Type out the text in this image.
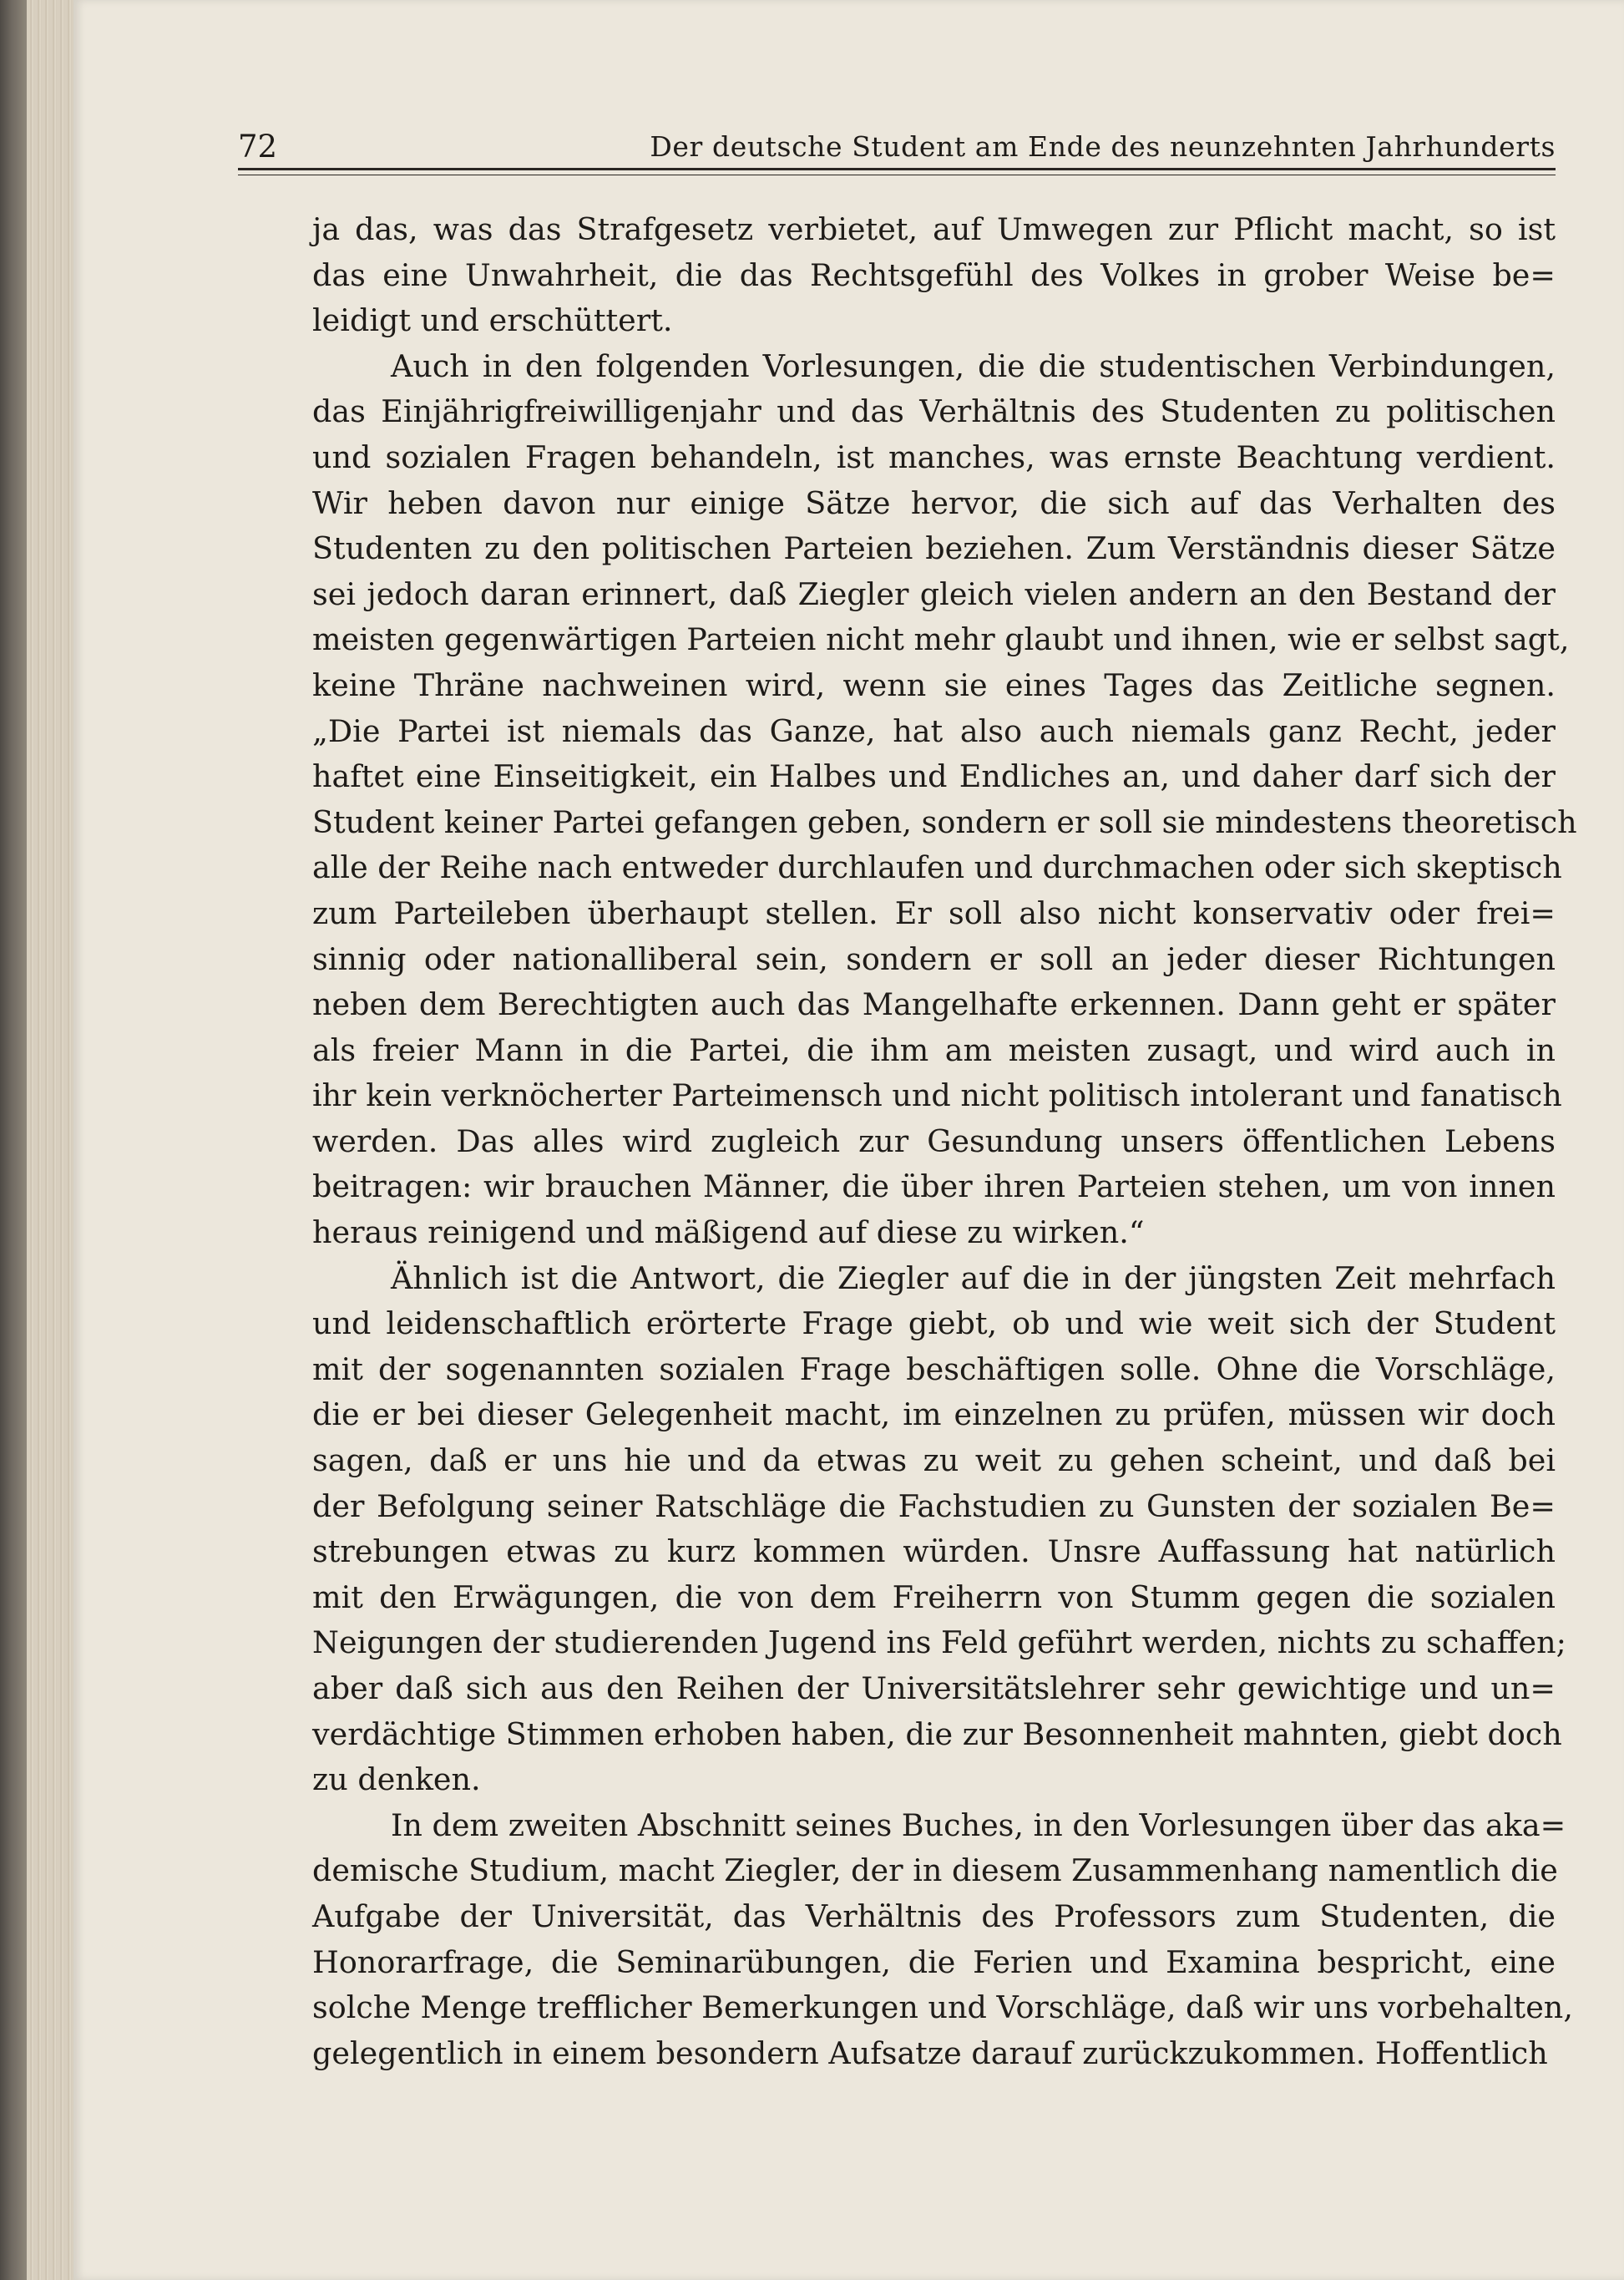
72	Der deutsche Student am Ende des neunzehnten Jahrhunderts
ja das, was das Strafgesetz verbietet, auf Umwegen zur Pflicht macht, so ist
das eine Unwahrheit, die das Rechtsgefühl des Volkes in grober Weise be=
leidigt und erschüttert.
Auch in den folgenden Vorlesungen, die die studentischen Verbindungen,
das Einjährigfreiwilligenjahr und das Verhältnis des Studenten zu politischen
und sozialen Fragen behandeln, ist manches, was ernste Beachtung verdient.
Wir heben davon nur einige Sätze hervor, die sich auf das Verhalten des
Studenten zu den politischen Parteien beziehen. Zum Verständnis dieser Sätze
sei jedoch daran erinnert, daß Ziegler gleich vielen andern an den Bestand der
meisten gegenwärtigen Parteien nicht mehr glaubt und ihnen, wie er selbst sagt,
keine Thräne nachweinen wird, wenn sie eines Tages das Zeitliche segnen.
„Die Partei ist niemals das Ganze, hat also auch niemals ganz Recht, jeder
haftet eine Einseitigkeit, ein Halbes und Endliches an, und daher darf sich der
Student keiner Partei gefangen geben, sondern er soll sie mindestens theoretisch
alle der Reihe nach entweder durchlaufen und durchmachen oder sich skeptisch
zum Parteileben überhaupt stellen. Er soll also nicht konservativ oder frei=
sinnig oder nationalliberal sein, sondern er soll an jeder dieser Richtungen
neben dem Berechtigten auch das Mangelhafte erkennen. Dann geht er später
als freier Mann in die Partei, die ihm am meisten zusagt, und wird auch in
ihr kein verknöcherter Parteimensch und nicht politisch intolerant und fanatisch
werden. Das alles wird zugleich zur Gesundung unsers öffentlichen Lebens
beitragen: wir brauchen Männer, die über ihren Parteien stehen, um von innen
heraus reinigend und mäßigend auf diese zu wirken.“
Ähnlich ist die Antwort, die Ziegler auf die in der jüngsten Zeit mehrfach
und leidenschaftlich erörterte Frage giebt, ob und wie weit sich der Student
mit der sogenannten sozialen Frage beschäftigen solle. Ohne die Vorschläge,
die er bei dieser Gelegenheit macht, im einzelnen zu prüfen, müssen wir doch
sagen, daß er uns hie und da etwas zu weit zu gehen scheint, und daß bei
der Befolgung seiner Ratschläge die Fachstudien zu Gunsten der sozialen Be=
strebungen etwas zu kurz kommen würden. Unsre Auffassung hat natürlich
mit den Erwägungen, die von dem Freiherrn von Stumm gegen die sozialen
Neigungen der studierenden Jugend ins Feld geführt werden, nichts zu schaffen;
aber daß sich aus den Reihen der Universitätslehrer sehr gewichtige und un=
verdächtige Stimmen erhoben haben, die zur Besonnenheit mahnten, giebt doch
zu denken.
In dem zweiten Abschnitt seines Buches, in den Vorlesungen über das aka=
demische Studium, macht Ziegler, der in diesem Zusammenhang namentlich die
Aufgabe der Universität, das Verhältnis des Professors zum Studenten, die
Honorarfrage, die Seminarübungen, die Ferien und Examina bespricht, eine
solche Menge trefflicher Bemerkungen und Vorschläge, daß wir uns vorbehalten,
gelegentlich in einem besondern Aufsatze darauf zurückzukommen. Hoffentlich
